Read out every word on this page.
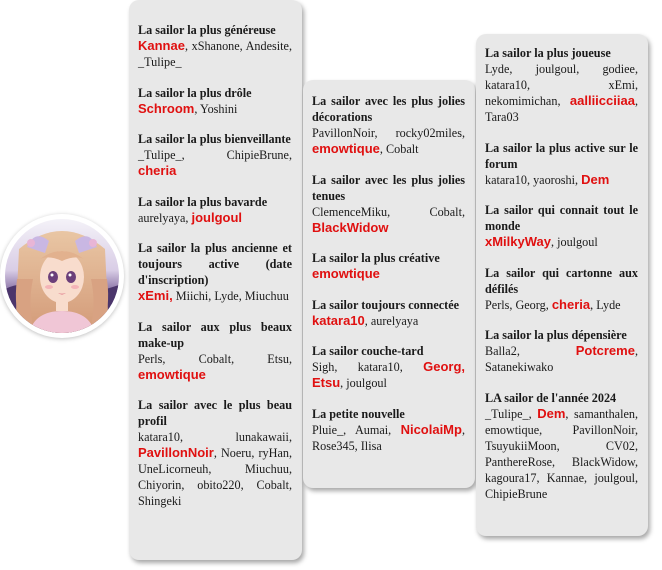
La sailor la plus généreuse
Kannae, xShanone, Andesite, _Tulipe_
La sailor la plus drôle
Schroom, Yoshini
La sailor la plus bienveillante
_Tulipe_, ChipieBrune, cheria
La sailor la plus bavarde
aurelyaya, joulgoul
La sailor la plus ancienne et toujours active (date d'inscription)
xEmi, Miichi, Lyde, Miuchuu
La sailor aux plus beaux make-up
Perls, Cobalt, Etsu, emowtique
La sailor avec le plus beau profil
katara10, lunakawaii, PavillonNoir, Noeru, ryHan, UneLicorneuh, Miuchuu, Chiyorin, obito220, Cobalt, Shingeki
La sailor avec les plus jolies décorations
PavillonNoir, rocky02miles, emowtique, Cobalt
La sailor avec les plus jolies tenues
ClemenceMiku, Cobalt, BlackWidow
La sailor la plus créative
emowtique
La sailor toujours connectée
katara10, aurelyaya
La sailor couche-tard
Sigh, katara10, Georg, Etsu, joulgoul
La petite nouvelle
Pluie_, Aumai, NicolaiMp, Rose345, Ilisa
La sailor la plus joueuse
Lyde, joulgoul, godiee, katara10, xEmi, nekomimichan, aalliicciiaa, Tara03
La sailor la plus active sur le forum
katara10, yaoroshi, Dem
La sailor qui connait tout le monde
xMilkyWay, joulgoul
La sailor qui cartonne aux défilés
Perls, Georg, cheria, Lyde
La sailor la plus dépensière
Balla2, Potcreme, Satanekiwako
LA sailor de l'année 2024
_Tulipe_, Dem, samanthalen, emowtique, PavillonNoir, TsuyukiiMoon, CV02, PanthereRose, BlackWidow, kagoura17, Kannae, joulgoul, ChipieBrune
